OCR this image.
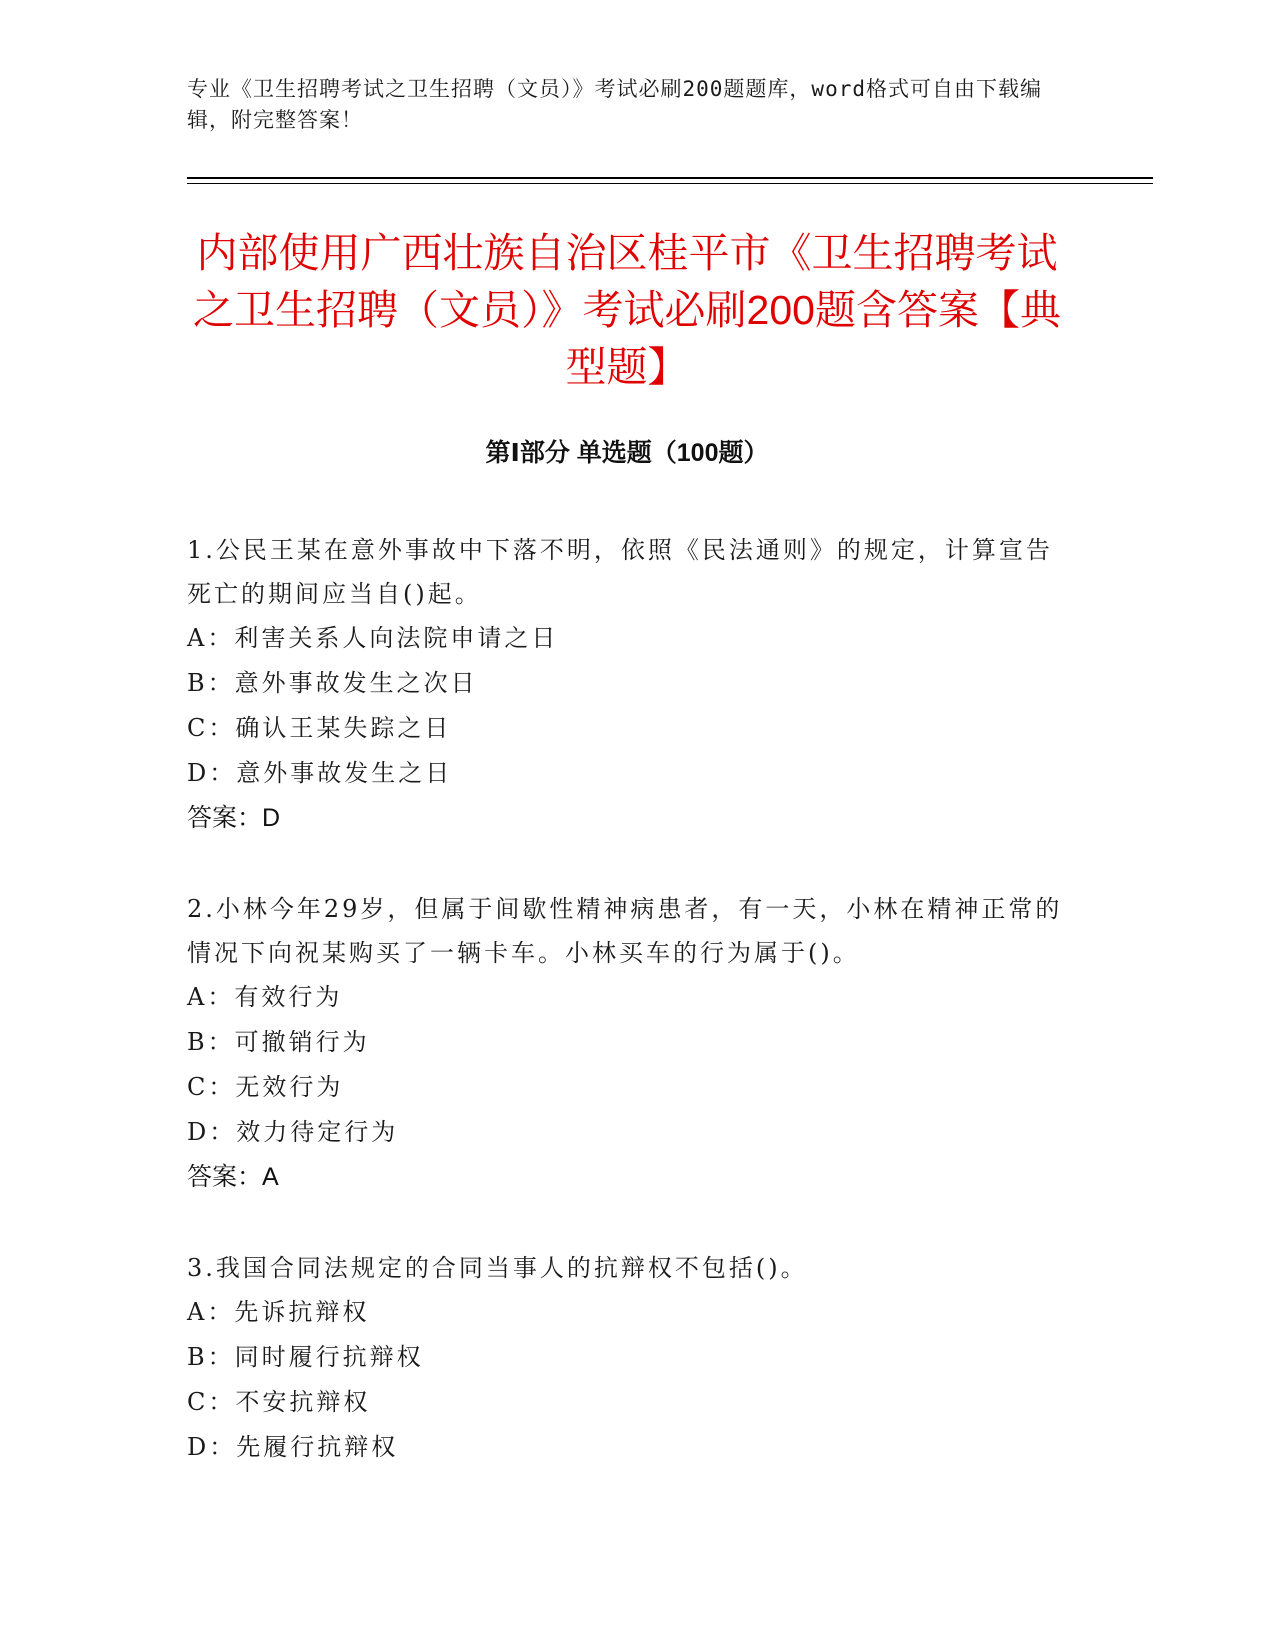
专业《卫生招聘考试之卫生招聘（文员）》考试必刷200题题库，word格式可自由下载编辑，附完整答案！
内部使用广西壮族自治区桂平市《卫生招聘考试之卫生招聘（文员）》考试必刷200题含答案【典型题】
第Ⅰ部分 单选题（100题）
1.公民王某在意外事故中下落不明，依照《民法通则》的规定，计算宣告死亡的期间应当自()起。
A：利害关系人向法院申请之日
B：意外事故发生之次日
C：确认王某失踪之日
D：意外事故发生之日
答案：D
2.小林今年29岁，但属于间歇性精神病患者，有一天，小林在精神正常的情况下向祝某购买了一辆卡车。小林买车的行为属于()。
A：有效行为
B：可撤销行为
C：无效行为
D：效力待定行为
答案：A
3.我国合同法规定的合同当事人的抗辩权不包括()。
A：先诉抗辩权
B：同时履行抗辩权
C：不安抗辩权
D：先履行抗辩权
